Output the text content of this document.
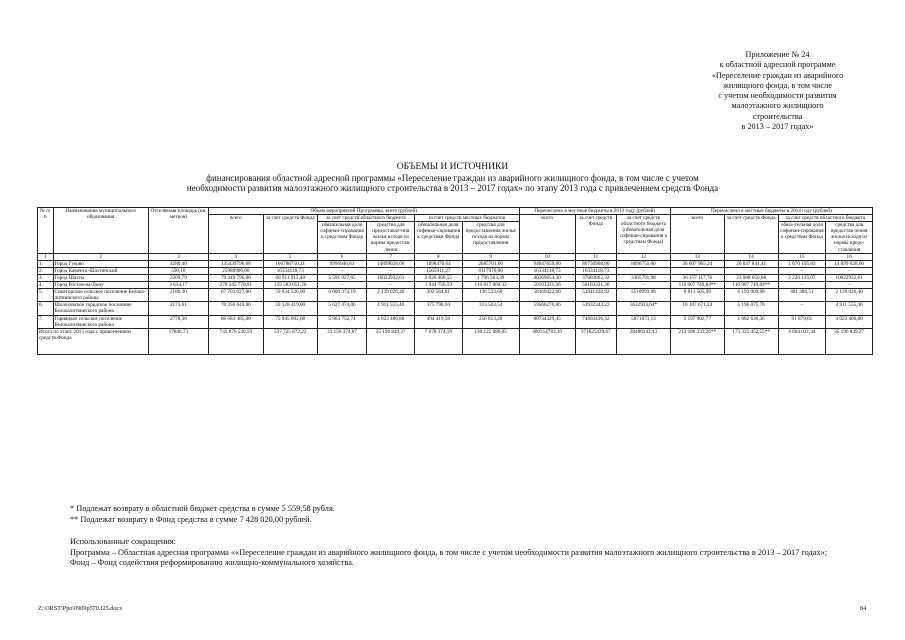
Приложение № 24
к областной адресной программе
«Переселение граждан из аварийного
жилищного фонда, в том числе
с учетом необходимости развития
малоэтажного жилищного
строительства
в 2013 – 2017 годах»
ОБЪЕМЫ И ИСТОЧНИКИ
финансирования областной адресной программы «Переселение граждан из аварийного жилищного фонда, в том числе с учетом
необходимости развития малоэтажного жилищного строительства в 2013 – 2017 годах» по этапу 2013 года с привлечением средств Фонда
№ п/п	Наименование муниципального образования	Отселяемая площадь (кв. метров)	Объем мероприятий Программы, всего (рублей)						Перечислено в местные бюджеты в 2013 году (рублей)			Перечислено в местные бюджеты в 2014 году (рублей)			
			всего	за счет средств Фонда	за счет средств областного бюджета		за счет средств местных бюджетов		всего	за счет средств Фонда	за счет средств областного бюджета (обязательная доля софинан-сирования к средствам Фонда)	всего	за счет средств Фонда	за счет средств областного бюджета	
					обязательная доля софинан-сирования к средствам Фонда	средства для предоставле-ния жилья исходя из нормы предостав-ления	обязательная доля софинан-сирования к средствам Фонда	средства для предоставления жилья исходя из нормы предоставления						обяза-тельная доля софинан-сирования к средствам Фонда	средства для предостав-ления жилья исходя из нормы предо-ставления

1	2	3	4	5	6	7	8	9	10	11	12	13	14	15	16
1.	Город Гуково	4280,40	135439796,68	106788750,21	9996946,83	14899028,00	1898470,64	2685701,00	94847659,80	86750908,80	8096751,00	36 007 965,24	20 037 841,41	1 870 195,83	14 099 028,00
2.	Город Каменск-Шахтинский	590,10	25980906,00	16334118,73	–	–	1565911,27	8117976,00	16334118,73	16334118,73	–	–	–	–	–
3.	Город Шахты	2209,79	79 349 796,00	60 911 912,40	5 591 927,05	10022932,61	3 026 460,55	1 796 563,39	40369654,30	37003862,32	3365791,98	36 157 117,76	23 908 050,08	2 226 135,07	10022932,61
4.	Город Ростов-на-Дону	3 634,17	278 345 770,91	159 583 051,20	–	–	1 944 756,59	116 817 969,32	50103321,36	50103321,36	–	116 907 749,84**	116 907 749,84**	–	–
5.	Синегорское сельское поселение Белока-литвинского района	2180,30	67 703 027,00	59 034 526,00	6 000 374,19	2 139 026,40	392 564,81	136 533,60	58360422,60	52841428,92	5518993,68	8 813 505,99	6 193 009,08	481 380,51	2 139 026,40
6.	Шолоховское городское поселение Белокалитвинского района	2173,61	70 356 643,00	59 128 419,00	5 627 374,06	4 911 555,46	375 790,94	313 503,54	59566276,86	53932343,22	5632933,64*	10 107 671,24	5 196 075,78	–	4 911 555,46
7.	Горняцкое сельское поселение Белокалитвинского района	2778,36	86 683 485,00	75 945 092,68	5 963 752,74	4 023 406,80	494 419,58	256 813,20	80734329,45	74803436,32	5871873,13	5 197 902,77	1 082 636,36	91 879,61	4 023 406,80
Итого по этапу 2013 года с привлечением средств Фонда		17846,73	743 876 530,59	537 725 872,22	33 150 374,87	35 196 849,27	7 678 374,18	130 125 080,05	400314783,10	371825439,67	28486343,43	213 186 333,26**	173 325 452,55**	4 664 031,44	35 196 849,27
* Подлежат возврату в областной бюджет средства в сумме 5 559,58 рубля.
** Подлежат возврату в Фонд средства в сумме 7 428 020,00 рублей.
Использованные сокращения:
Программа – Областная адресная программа ««Переселение граждан из аварийного жилищного фонда, в том числе с учетом необходимости развития малоэтажного жилищного строительства в 2013 – 2017 годах»;
Фонд – Фонд содействия реформированию жилищно-коммунального хозяйства.
Z:\ORST\Ppo\0909p570.f25.docx	84
